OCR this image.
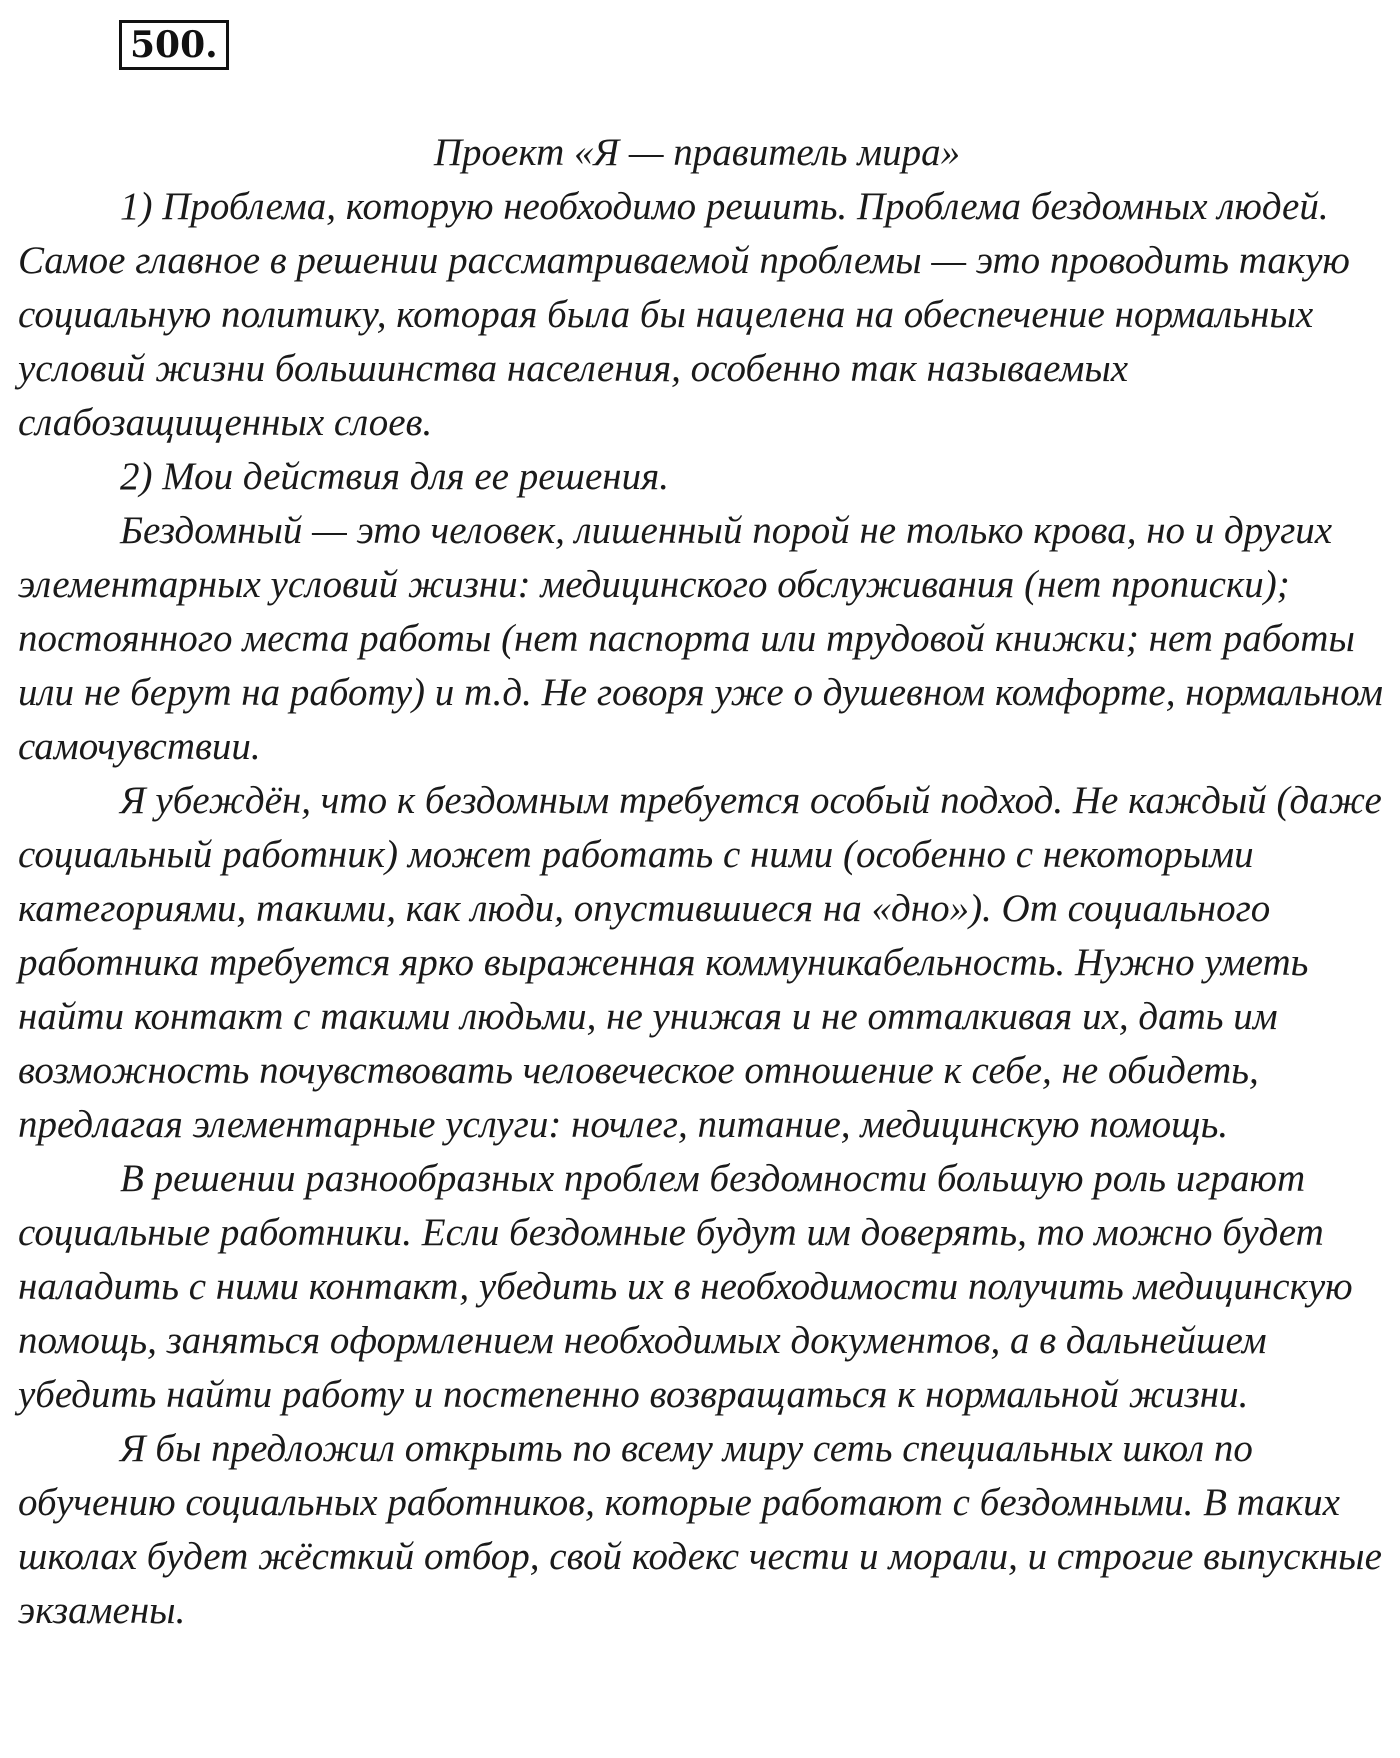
500.

Проект «Я — правитель мира»

1) Проблема, которую необходимо решить. Проблема бездомных людей. Самое главное в решении рассматриваемой проблемы — это проводить такую социальную политику, которая была бы нацелена на обеспечение нормальных условий жизни большинства населения, особенно так называемых слабозащищенных слоев.

2) Мои действия для ее решения.

Бездомный — это человек, лишенный порой не только крова, но и других элементарных условий жизни: медицинского обслуживания (нет прописки); постоянного места работы (нет паспорта или трудовой книжки; нет работы или не берут на работу) и т.д. Не говоря уже о душевном комфорте, нормальном самочувствии.

Я убеждён, что к бездомным требуется особый подход. Не каждый (даже социальный работник) может работать с ними (особенно с некоторыми категориями, такими, как люди, опустившиеся на «дно»). От социального работника требуется ярко выраженная коммуникабельность. Нужно уметь найти контакт с такими людьми, не унижая и не отталкивая их, дать им возможность почувствовать человеческое отношение к себе, не обидеть, предлагая элементарные услуги: ночлег, питание, медицинскую помощь.

В решении разнообразных проблем бездомности большую роль играют социальные работники. Если бездомные будут им доверять, то можно будет наладить с ними контакт, убедить их в необходимости получить медицинскую помощь, заняться оформлением необходимых документов, а в дальнейшем убедить найти работу и постепенно возвращаться к нормальной жизни.

Я бы предложил открыть по всему миру сеть специальных школ по обучению социальных работников, которые работают с бездомными. В таких школах будет жёсткий отбор, свой кодекс чести и морали, и строгие выпускные экзамены.
